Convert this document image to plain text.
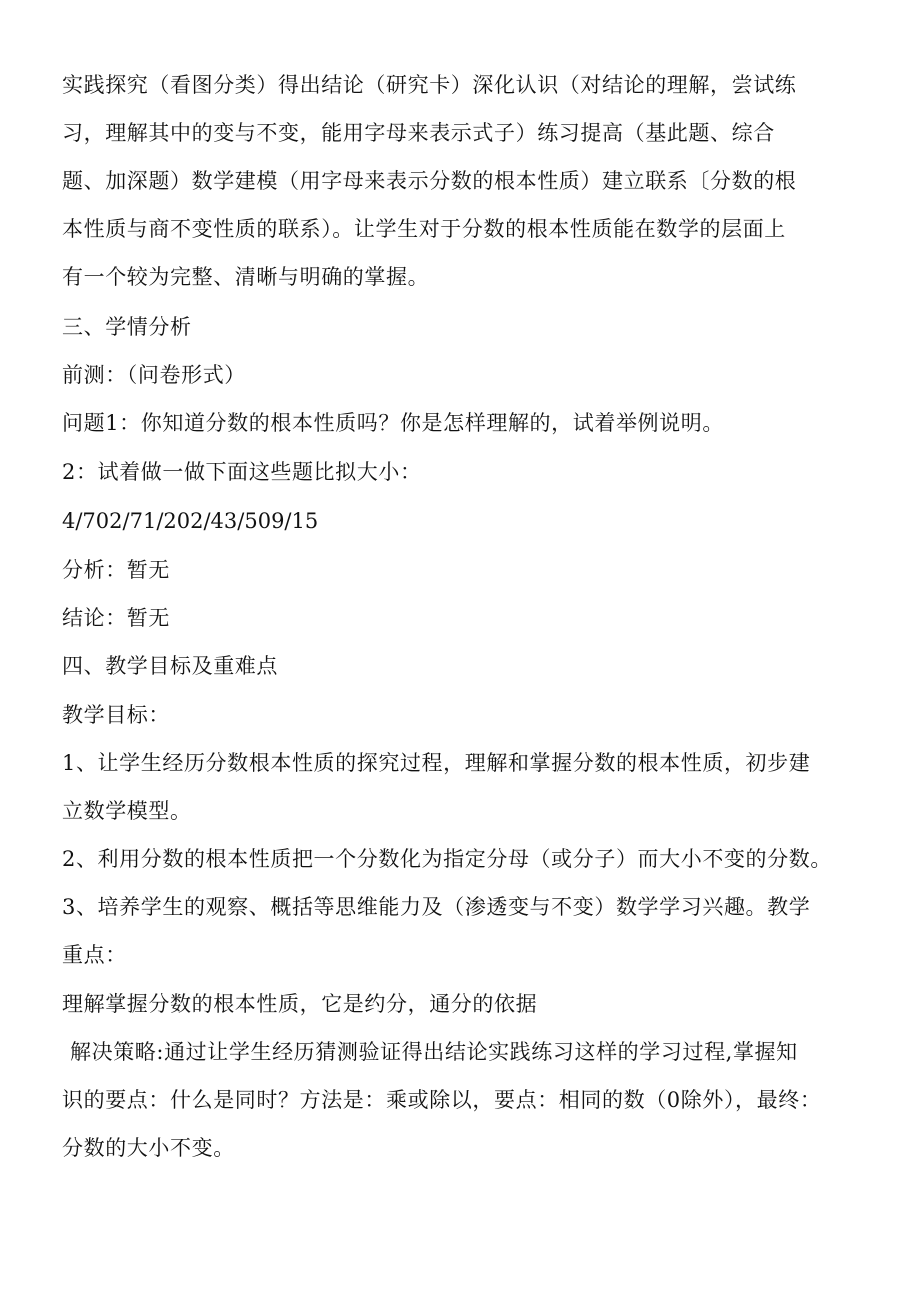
实践探究（看图分类）得出结论（研究卡）深化认识（对结论的理解，尝试练
习，理解其中的变与不变，能用字母来表示式子）练习提高（基此题、综合
题、加深题）数学建模（用字母来表示分数的根本性质）建立联系〔分数的根
本性质与商不变性质的联系）。让学生对于分数的根本性质能在数学的层面上
有一个较为完整、清晰与明确的掌握。
三、学情分析
前测：（问卷形式）
问题1：你知道分数的根本性质吗？你是怎样理解的，试着举例说明。
2：试着做一做下面这些题比拟大小：
4/702/71/202/43/509/15
分析：暂无
结论：暂无
四、教学目标及重难点
教学目标：
1、让学生经历分数根本性质的探究过程，理解和掌握分数的根本性质，初步建
立数学模型。
2、利用分数的根本性质把一个分数化为指定分母（或分子）而大小不变的分数。
3、培养学生的观察、概括等思维能力及（渗透变与不变）数学学习兴趣。教学
重点：
理解掌握分数的根本性质，它是约分，通分的依据
解决策略:通过让学生经历猜测验证得出结论实践练习这样的学习过程,掌握知
识的要点：什么是同时？方法是：乘或除以，要点：相同的数（0除外），最终：
分数的大小不变。
